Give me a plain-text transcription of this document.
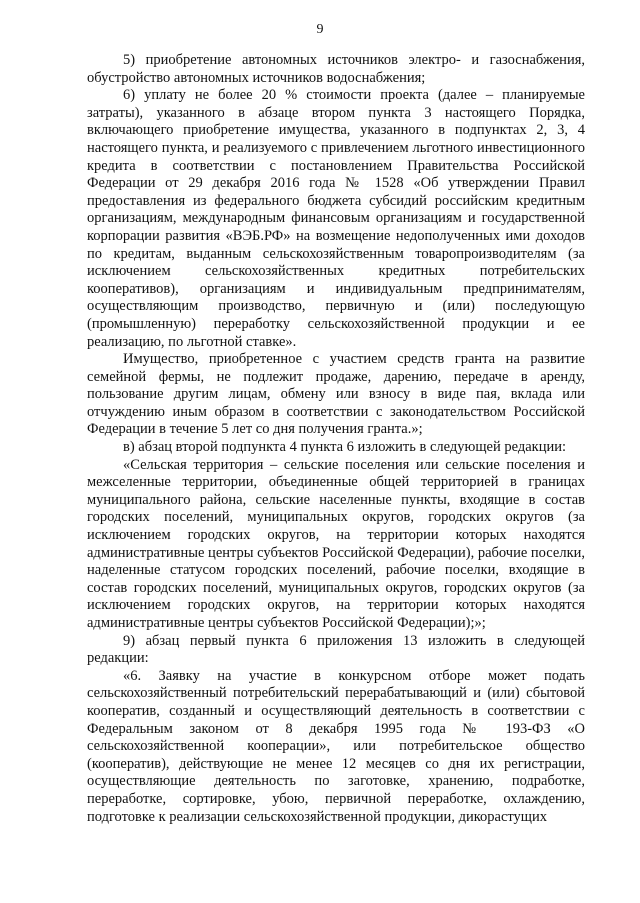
9

5) приобретение автономных источников электро- и газоснабжения, обустройство автономных источников водоснабжения;

6) уплату не более 20 % стоимости проекта (далее – планируемые затраты), указанного в абзаце втором пункта 3 настоящего Порядка, включающего приобретение имущества, указанного в подпунктах 2, 3, 4 настоящего пункта, и реализуемого с привлечением льготного инвестиционного кредита в соответствии с постановлением Правительства Российской Федерации от 29 декабря 2016 года № 1528 «Об утверждении Правил предоставления из федерального бюджета субсидий российским кредитным организациям, международным финансовым организациям и государственной корпорации развития «ВЭБ.РФ» на возмещение недополученных ими доходов по кредитам, выданным сельскохозяйственным товаропроизводителям (за исключением сельскохозяйственных кредитных потребительских кооперативов), организациям и индивидуальным предпринимателям, осуществляющим производство, первичную и (или) последующую (промышленную) переработку сельскохозяйственной продукции и ее реализацию, по льготной ставке».

Имущество, приобретенное с участием средств гранта на развитие семейной фермы, не подлежит продаже, дарению, передаче в аренду, пользование другим лицам, обмену или взносу в виде пая, вклада или отчуждению иным образом в соответствии с законодательством Российской Федерации в течение 5 лет со дня получения гранта.»;

в) абзац второй подпункта 4 пункта 6 изложить в следующей редакции:

«Сельская территория – сельские поселения или сельские поселения и межселенные территории, объединенные общей территорией в границах муниципального района, сельские населенные пункты, входящие в состав городских поселений, муниципальных округов, городских округов (за исключением городских округов, на территории которых находятся административные центры субъектов Российской Федерации), рабочие поселки, наделенные статусом городских поселений, рабочие поселки, входящие в состав городских поселений, муниципальных округов, городских округов (за исключением городских округов, на территории которых находятся административные центры субъектов Российской Федерации);»;

9) абзац первый пункта 6 приложения 13 изложить в следующей редакции:

«6. Заявку на участие в конкурсном отборе может подать сельскохозяйственный потребительский перерабатывающий и (или) сбытовой кооператив, созданный и осуществляющий деятельность в соответствии с Федеральным законом от 8 декабря 1995 года № 193-ФЗ «О сельскохозяйственной кооперации», или потребительское общество (кооператив), действующие не менее 12 месяцев со дня их регистрации, осуществляющие деятельность по заготовке, хранению, подработке, переработке, сортировке, убою, первичной переработке, охлаждению, подготовке к реализации сельскохозяйственной продукции, дикорастущих
